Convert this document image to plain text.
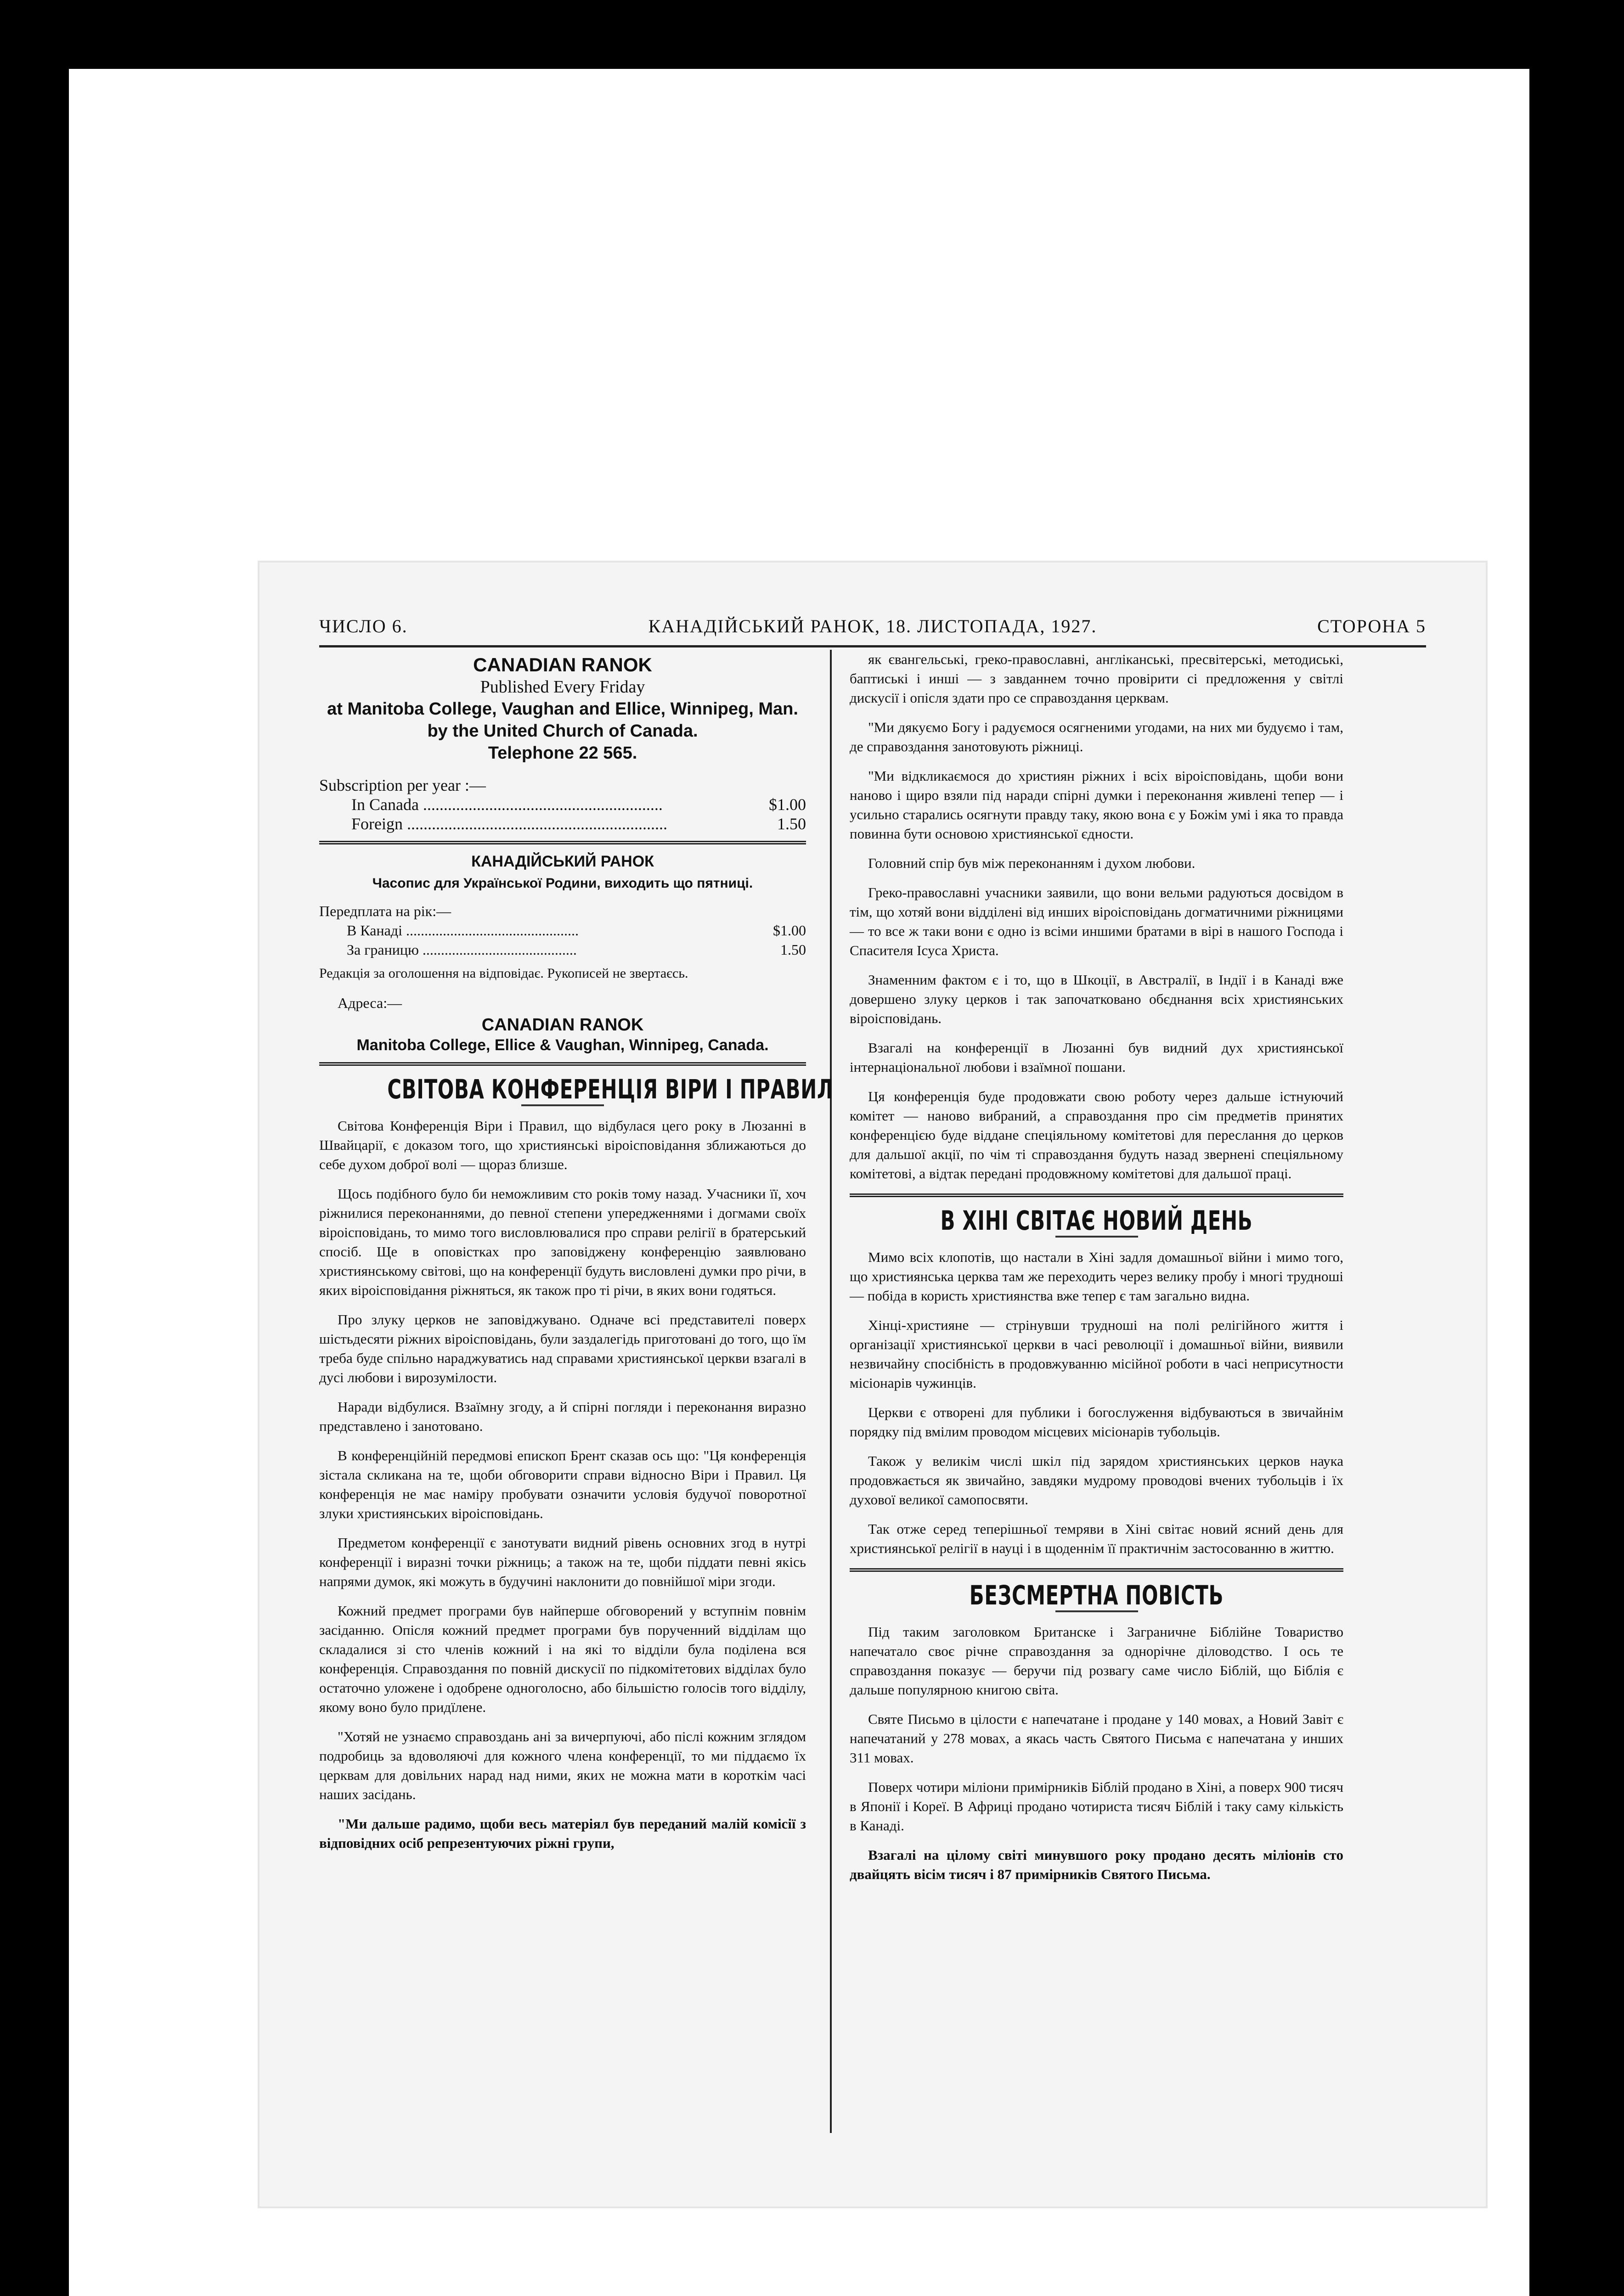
ЧИСЛО 6.	КАНАДІЙСЬКИЙ РАНОК, 18. ЛИСТОПАДА, 1927.	СТОРОНА 5
CANADIAN RANOK
Published Every Friday
at Manitoba College, Vaughan and Ellice, Winnipeg, Man.
by the United Church of Canada.
Telephone 22 565.
Subscription per year :—
In Canada ..........................................................	$1.00
Foreign ...............................................................	1.50
КАНАДІЙСЬКИЙ РАНОК
Часопис для Української Родини, виходить що пятниці.
Передплата на рік:—
В Канаді ...............................................	$1.00
За границю ..........................................	1.50
Редакція за оголошення на відповідає. Рукописей не звертаєсь.
Адреса:—
CANADIAN RANOK
Manitoba College, Ellice & Vaughan, Winnipeg, Canada.
СВІТОВА КОНФЕРЕНЦІЯ ВІРИ І ПРАВИЛ

Світова Конференція Віри і Правил, що відбулася цего року в Люзанні в Швайцарії, є доказом того, що християнські віроісповідання зближаються до себе духом доброї волі — щораз близше.

Щось подібного було би неможливим сто років тому назад. Учасники її, хоч ріжнилися переконаннями, до певної степени упередженнями і догмами своїх віроісповідань, то мимо того висловлювалися про справи релігії в братерський спосіб. Ще в оповістках про заповіджену конференцію заявлювано християнському світові, що на конференції будуть висловлені думки про річи, в яких віроісповідання ріжняться, як також про ті річи, в яких вони годяться.

Про злуку церков не заповіджувано. Одначе всі представителі поверх шістьдесяти ріжних віроісповідань, були заздалегідь приготовані до того, що їм треба буде спільно нараджуватись над справами християнської церкви взагалі в дусі любови і вирозумілости.

Наради відбулися. Взаїмну згоду, а й спірні погляди і переконання виразно представлено і занотовано.

В конференційній передмові епископ Брент сказав ось що: "Ця конференція зістала скликана на те, щоби обговорити справи відносно Віри і Правил. Ця конференція не має наміру пробувати означити условія будучої поворотної злуки християнських віроісповідань.

Предметом конференції є занотувати видний рівень основних згод в нутрі конференції і виразні точки ріжниць; а також на те, щоби піддати певні якісь напрями думок, які можуть в будучині наклонити до повнійшої міри згоди.

Кожний предмет програми був найперше обговорений у вступнім повнім засіданню. Опісля кожний предмет програми був порученний відділам що складалися зі сто членів кожний і на які то відділи була поділена вся конференція. Справоздання по повній дискусії по підкомітетових відділах було остаточно уложене і одобрене одноголосно, або більшістю голосів того відділу, якому воно було придїлене.

"Хотяй не узнаємо справоздань ані за вичерпуючі, або післі кожним зглядом подробиць за вдоволяючі для кожного члена конференції, то ми піддаємо їх церквам для довільних нарад над ними, яких не можна мати в короткім часі наших засідань.

"Ми дальше радимо, щоби весь матеріял був переданий малій комісії з відповідних осіб репрезентуючих ріжні групи,

як євангельські, греко-православні, англіканські, пресвітерські, методиські, баптиські і инші — з завданнем точно провірити сі предложення у світлі дискусії і опісля здати про се справоздання церквам.

"Ми дякуємо Богу і радуємося осягненими угодами, на них ми будуємо і там, де справоздання занотовують ріжниці.

"Ми відкликаємося до християн ріжних і всіх віроісповідань, щоби вони наново і щиро взяли під наради спірні думки і переконання живлені тепер — і усильно старались осягнути правду таку, якою вона є у Божім умі і яка то правда повинна бути основою християнської єдности.

Головний спір був між переконанням і духом любови.

Греко-православні учасники заявили, що вони вельми радуються досвідом в тім, що хотяй вони відділені від инших віроісповідань догматичними ріжницями — то все ж таки вони є одно із всіми иншими братами в вірі в нашого Господа і Спасителя Ісуса Христа.

Знаменним фактом є і то, що в Шкоції, в Австралії, в Індії і в Канаді вже довершено злуку церков і так започатковано обєднання всіх християнських віроісповідань.

Взагалі на конференції в Люзанні був видний дух християнської інтернаціональної любови і взаїмної пошани.

Ця конференція буде продовжати свою роботу через дальше істнуючий комітет — наново вибраний, а справоздання про сім предметів принятих конференцією буде віддане спеціяльному комітетові для переслання до церков для дальшої акції, по чім ті справоздання будуть назад звернені спеціяльному комітетові, а відтак передані продовжному комітетові для дальшої праці.

В ХІНІ СВІТАЄ НОВИЙ ДЕНЬ

Мимо всіх клопотів, що настали в Хіні задля домашньої війни і мимо того, що християнська церква там же переходить через велику пробу і многі трудноші — побіда в користь християнства вже тепер є там загально видна.

Хінці-християне — стрінувши трудноші на полі релігійного життя і організації християнської церкви в часі революції і домашньої війни, виявили незвичайну спосібність в продовжуванню місійної роботи в часі неприсутности місіонарів чужинців.

Церкви є отворені для публики і богослуження відбуваються в звичайнім порядку під вмілим проводом місцевих місіонарів тубольців.

Також у великім числі шкіл під зарядом християнських церков наука продовжається як звичайно, завдяки мудрому проводові вчених тубольців і їх духової великої самопосвяти.

Так отже серед теперішньої темряви в Хіні світає новий ясний день для християнської релігії в науці і в щоденнім її практичнім застосованню в життю.

БЕЗСМЕРТНА ПОВІСТЬ

Під таким заголовком Британске і Заграничне Біблійне Товариство напечатало своє річне справоздання за однорічне діловодство. І ось те справоздання показує — беручи під розвагу саме число Біблій, що Біблія є дальше популярною книгою світа.

Святе Письмо в цілости є напечатане і продане у 140 мовах, а Новий Завіт є напечатаний у 278 мовах, а якась часть Святого Письма є напечатана у инших 311 мовах.

Поверх чотири міліони примірників Біблій продано в Хіні, а поверх 900 тисяч в Японії і Кореї. В Африці продано чотириста тисяч Біблій і таку саму кількість в Канаді.

Взагалі на цілому світі минувшого року продано десять міліонів сто двайцять вісім тисяч і 87 примірників Святого Письма.
